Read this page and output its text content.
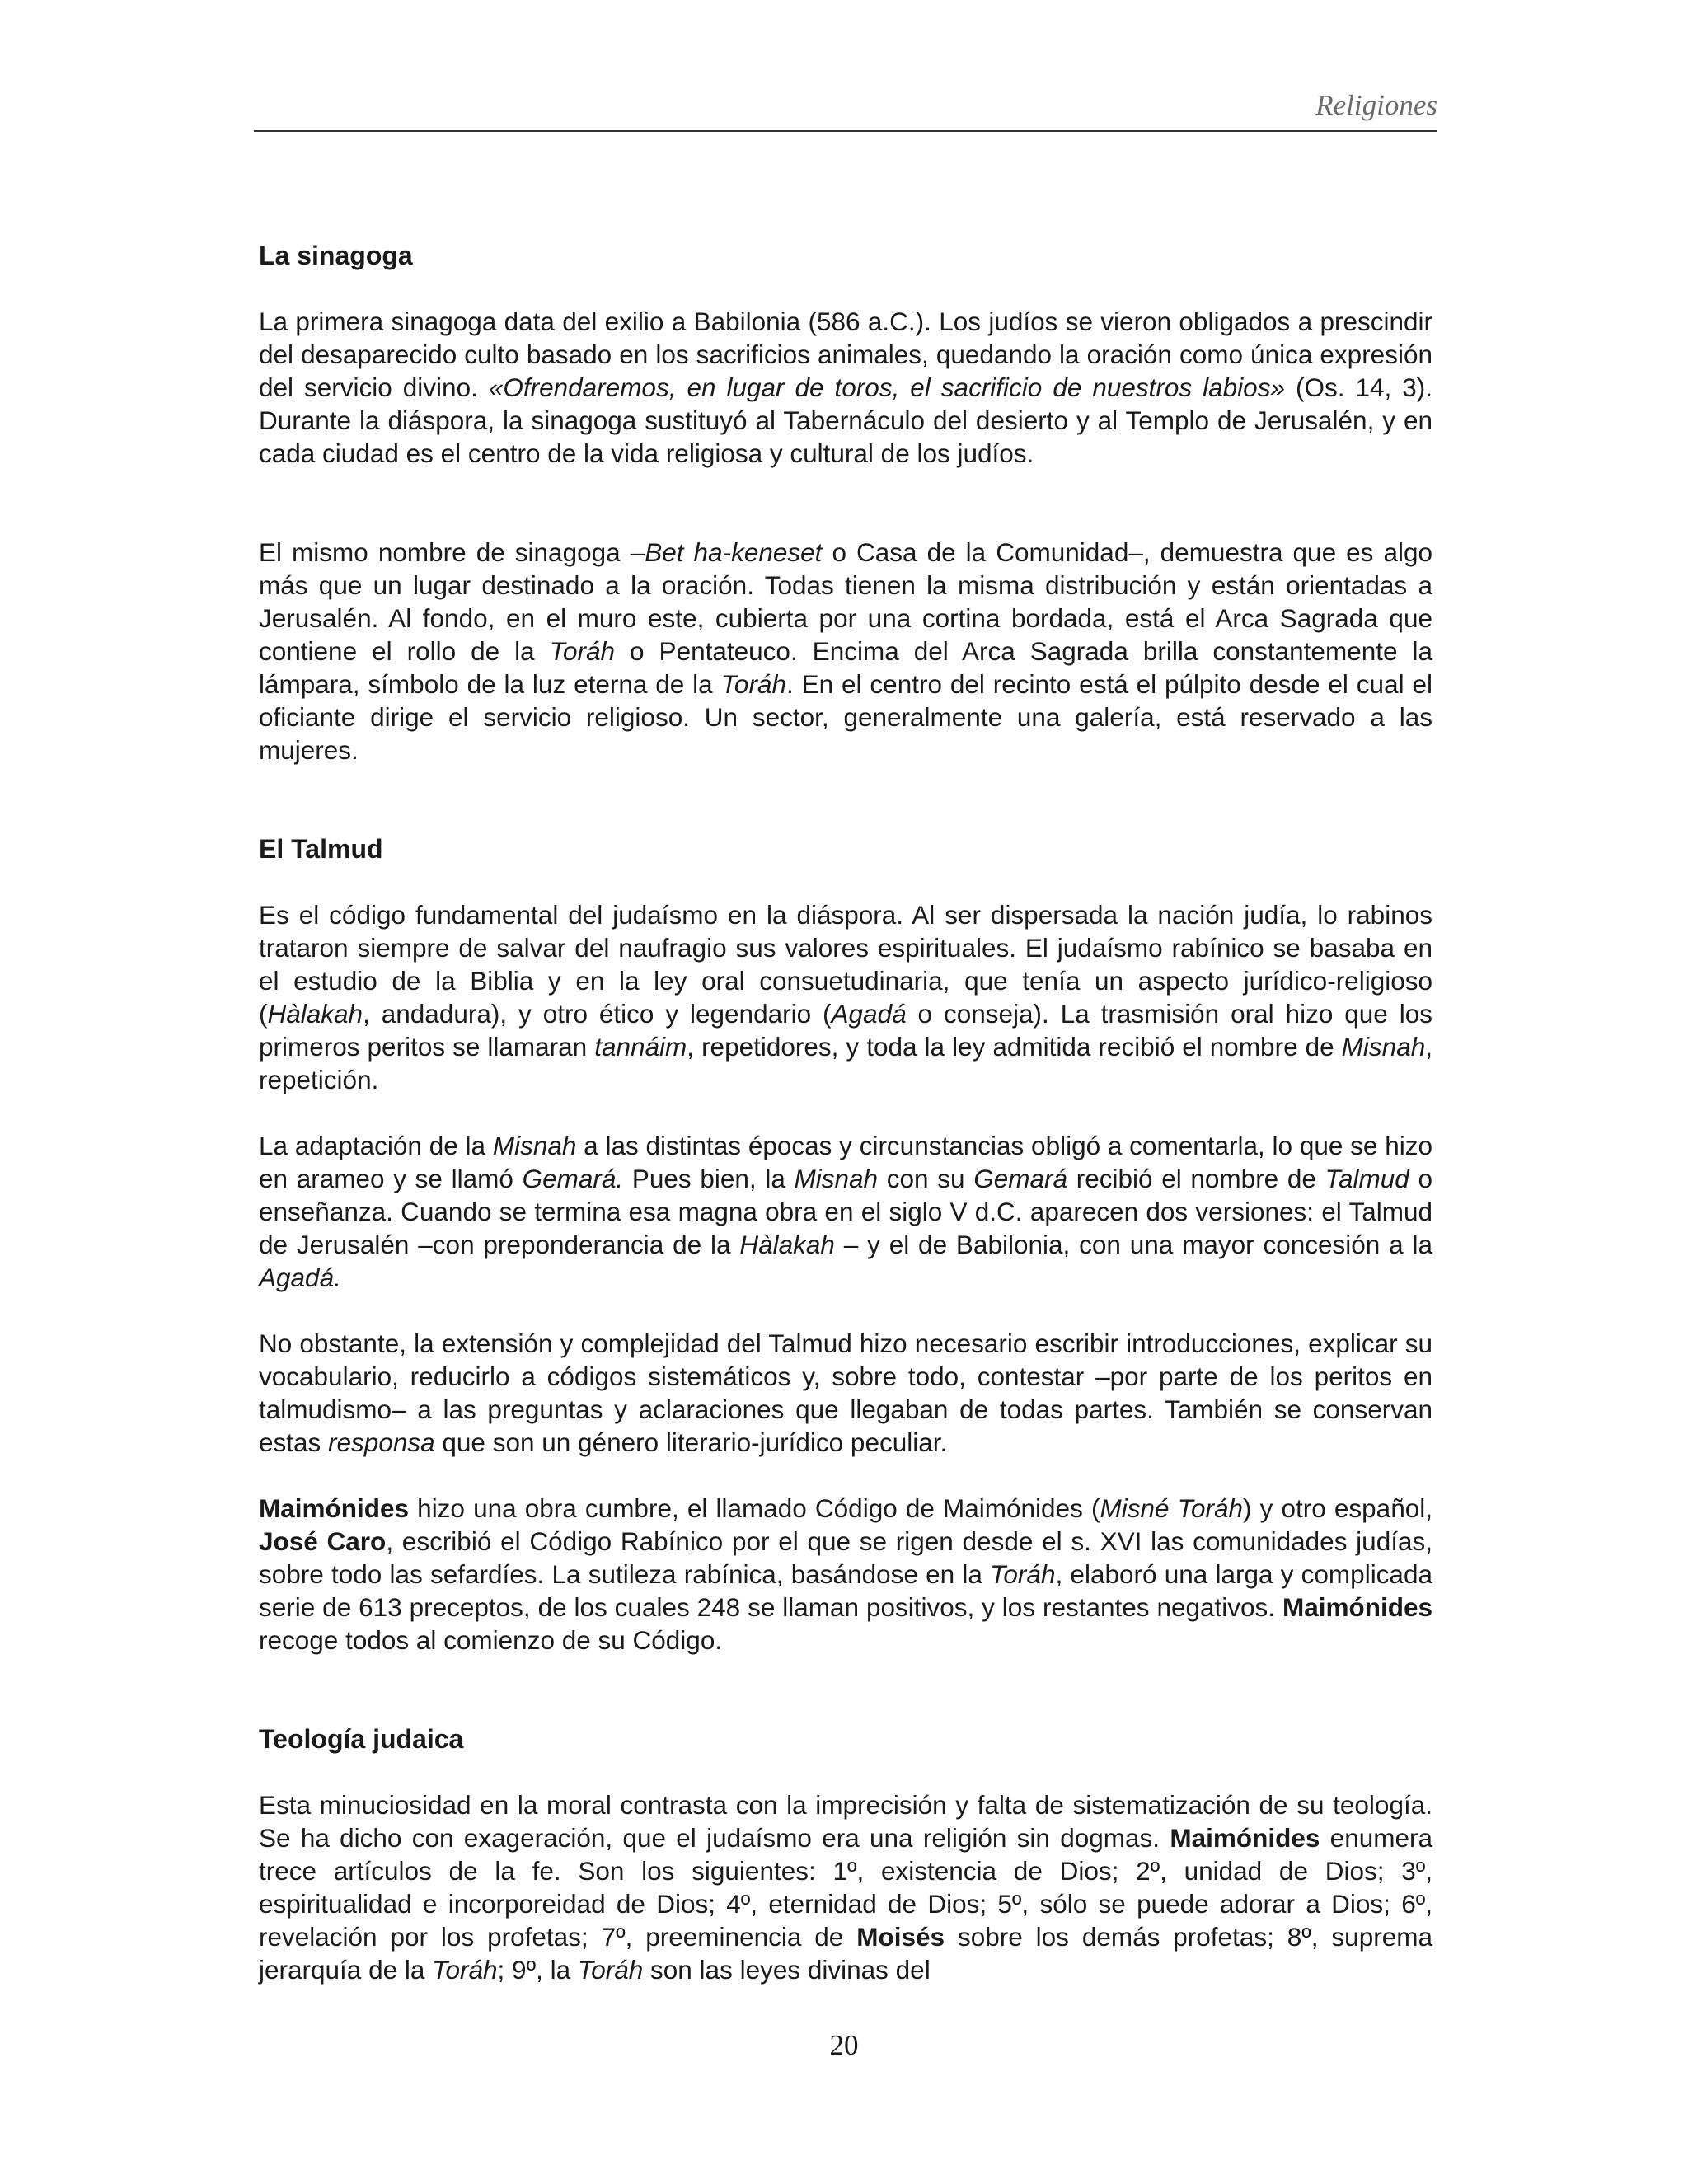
Religiones
La sinagoga

La primera sinagoga data del exilio a Babilonia (586 a.C.). Los judíos se vieron obligados a prescindir del desaparecido culto basado en los sacrificios animales, quedando la oración como única expresión del servicio divino. «Ofrendaremos, en lugar de toros, el sacrificio de nuestros labios» (Os. 14, 3). Durante la diáspora, la sinagoga sustituyó al Tabernáculo del desierto y al Templo de Jerusalén, y en cada ciudad es el centro de la vida religiosa y cultural de los judíos.

El mismo nombre de sinagoga –Bet ha-keneset o Casa de la Comunidad–, demuestra que es algo más que un lugar destinado a la oración. Todas tienen la misma distribución y están orientadas a Jerusalén. Al fondo, en el muro este, cubierta por una cortina bordada, está el Arca Sagrada que contiene el rollo de la Toráh o Pentateuco. Encima del Arca Sagrada brilla constantemente la lámpara, símbolo de la luz eterna de la Toráh. En el centro del recinto está el púlpito desde el cual el oficiante dirige el servicio religioso. Un sector, generalmente una galería, está reservado a las mujeres.

El Talmud

Es el código fundamental del judaísmo en la diáspora. Al ser dispersada la nación judía, lo rabinos trataron siempre de salvar del naufragio sus valores espirituales. El judaísmo rabínico se basaba en el estudio de la Biblia y en la ley oral consuetudinaria, que tenía un aspecto jurídico-religioso (Hàlakah, andadura), y otro ético y legendario (Agadá o conseja). La trasmisión oral hizo que los primeros peritos se llamaran tannáim, repetidores, y toda la ley admitida recibió el nombre de Misnah, repetición.

La adaptación de la Misnah a las distintas épocas y circunstancias obligó a comentarla, lo que se hizo en arameo y se llamó Gemará. Pues bien, la Misnah con su Gemará recibió el nombre de Talmud o enseñanza. Cuando se termina esa magna obra en el siglo V d.C. aparecen dos versiones: el Talmud de Jerusalén –con preponderancia de la Hàlakah – y el de Babilonia, con una mayor concesión a la Agadá.

No obstante, la extensión y complejidad del Talmud hizo necesario escribir introducciones, explicar su vocabulario, reducirlo a códigos sistemáticos y, sobre todo, contestar –por parte de los peritos en talmudismo– a las preguntas y aclaraciones que llegaban de todas partes. También se conservan estas responsa que son un género literario-jurídico peculiar.

Maimónides hizo una obra cumbre, el llamado Código de Maimónides (Misné Toráh) y otro español, José Caro, escribió el Código Rabínico por el que se rigen desde el s. XVI las comunidades judías, sobre todo las sefardíes. La sutileza rabínica, basándose en la Toráh, elaboró una larga y complicada serie de 613 preceptos, de los cuales 248 se llaman positivos, y los restantes negativos. Maimónides recoge todos al comienzo de su Código.

Teología judaica

Esta minuciosidad en la moral contrasta con la imprecisión y falta de sistematización de su teología. Se ha dicho con exageración, que el judaísmo era una religión sin dogmas. Maimónides enumera trece artículos de la fe. Son los siguientes: 1º, existencia de Dios; 2º, unidad de Dios; 3º, espiritualidad e incorporeidad de Dios; 4º, eternidad de Dios; 5º, sólo se puede adorar a Dios; 6º, revelación por los profetas; 7º, preeminencia de Moisés sobre los demás profetas; 8º, suprema jerarquía de la Toráh; 9º, la Toráh son las leyes divinas del

20
